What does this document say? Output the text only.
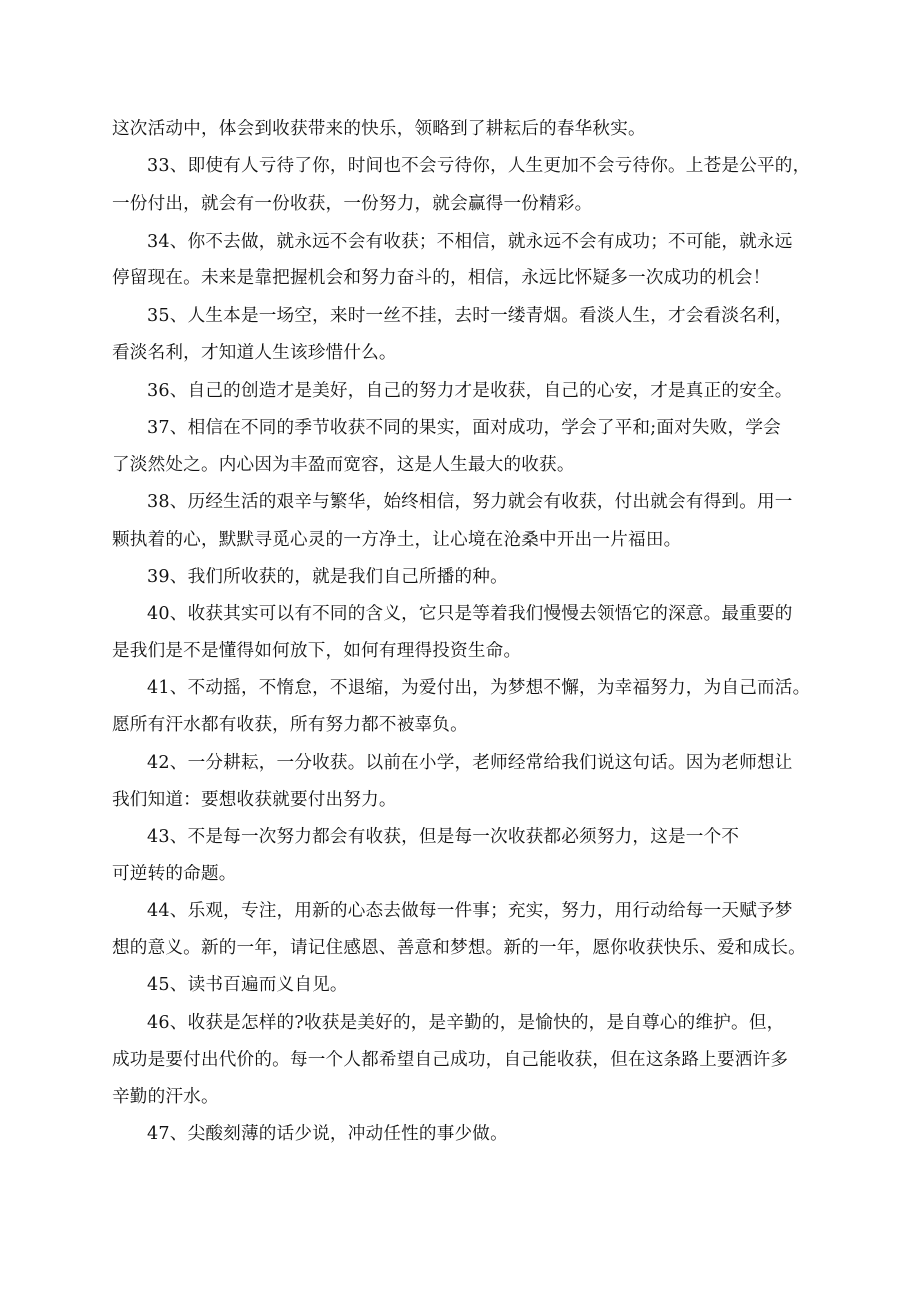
这次活动中，体会到收获带来的快乐，领略到了耕耘后的春华秋实。
33、即使有人亏待了你，时间也不会亏待你，人生更加不会亏待你。上苍是公平的，
一份付出，就会有一份收获，一份努力，就会赢得一份精彩。
34、你不去做，就永远不会有收获；不相信，就永远不会有成功；不可能，就永远
停留现在。未来是靠把握机会和努力奋斗的，相信，永远比怀疑多一次成功的机会！
35、人生本是一场空，来时一丝不挂，去时一缕青烟。看淡人生，才会看淡名利，
看淡名利，才知道人生该珍惜什么。
36、自己的创造才是美好，自己的努力才是收获，自己的心安，才是真正的安全。
37、相信在不同的季节收获不同的果实，面对成功，学会了平和;面对失败，学会
了淡然处之。内心因为丰盈而宽容，这是人生最大的收获。
38、历经生活的艰辛与繁华，始终相信，努力就会有收获，付出就会有得到。用一
颗执着的心，默默寻觅心灵的一方净土，让心境在沧桑中开出一片福田。
39、我们所收获的，就是我们自己所播的种。
40、收获其实可以有不同的含义，它只是等着我们慢慢去领悟它的深意。最重要的
是我们是不是懂得如何放下，如何有理得投资生命。
41、不动摇，不惰怠，不退缩，为爱付出，为梦想不懈，为幸福努力，为自己而活。
愿所有汗水都有收获，所有努力都不被辜负。
42、一分耕耘，一分收获。以前在小学，老师经常给我们说这句话。因为老师想让
我们知道：要想收获就要付出努力。
43、不是每一次努力都会有收获，但是每一次收获都必须努力，这是一个不
可逆转的命题。
44、乐观，专注，用新的心态去做每一件事；充实，努力，用行动给每一天赋予梦
想的意义。新的一年，请记住感恩、善意和梦想。新的一年，愿你收获快乐、爱和成长。
45、读书百遍而义自见。
46、收获是怎样的?收获是美好的，是辛勤的，是愉快的，是自尊心的维护。但，
成功是要付出代价的。每一个人都希望自己成功，自己能收获，但在这条路上要洒许多
辛勤的汗水。
47、尖酸刻薄的话少说，冲动任性的事少做。
